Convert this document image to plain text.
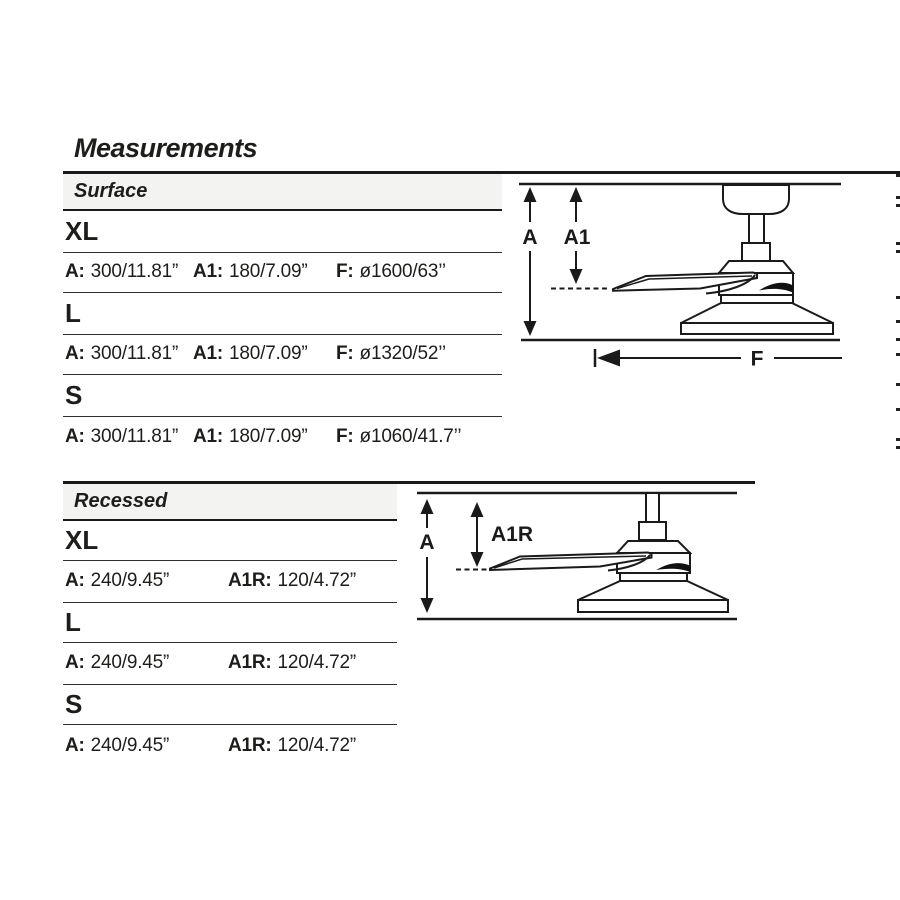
Measurements
Surface
XL
A: 300/11.81” A1: 180/7.09” F: ø1600/63’’
L
A: 300/11.81” A1: 180/7.09” F: ø1320/52’’
S
A: 300/11.81” A1: 180/7.09” F: ø1060/41.7’’
A A1
F
Recessed
XL
A: 240/9.45”	A1R: 120/4.72”
L
A: 240/9.45”	A1R: 120/4.72”
S
A: 240/9.45”	A1R: 120/4.72”
A	A1R
